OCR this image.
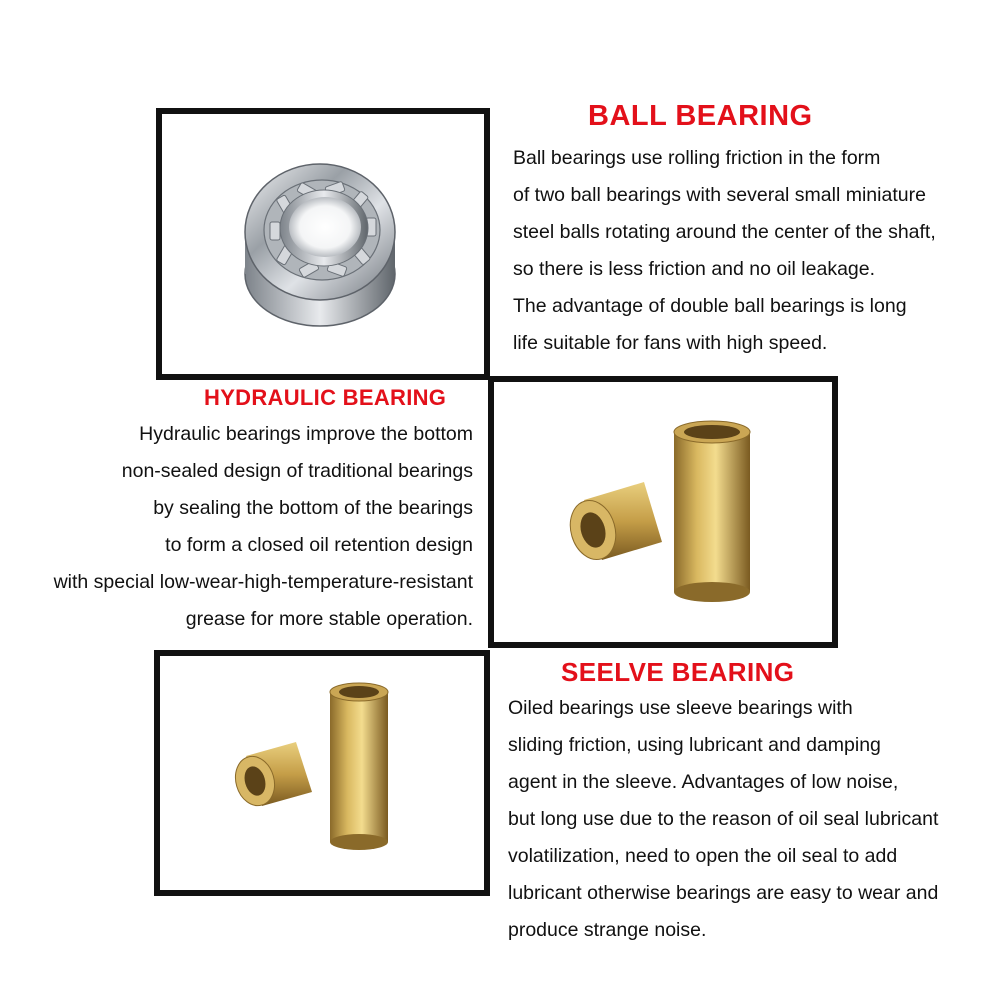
BALL BEARING
Ball bearings use rolling friction in the form
of two ball bearings with several small miniature
steel balls rotating around the center of the shaft,
so there is less friction and no oil leakage.
The advantage of double ball bearings is long
life suitable for fans with high speed.
HYDRAULIC BEARING
Hydraulic bearings improve the bottom
non-sealed design of traditional bearings
by sealing the bottom of the bearings
to form a closed oil retention design
with special low-wear-high-temperature-resistant
grease for more stable operation.
SEELVE BEARING
Oiled bearings use sleeve bearings with
sliding friction, using lubricant and damping
agent in the sleeve. Advantages of low noise,
but long use due to the reason of oil seal lubricant
volatilization, need to open the oil seal to add
lubricant otherwise bearings are easy to wear and
produce strange noise.
